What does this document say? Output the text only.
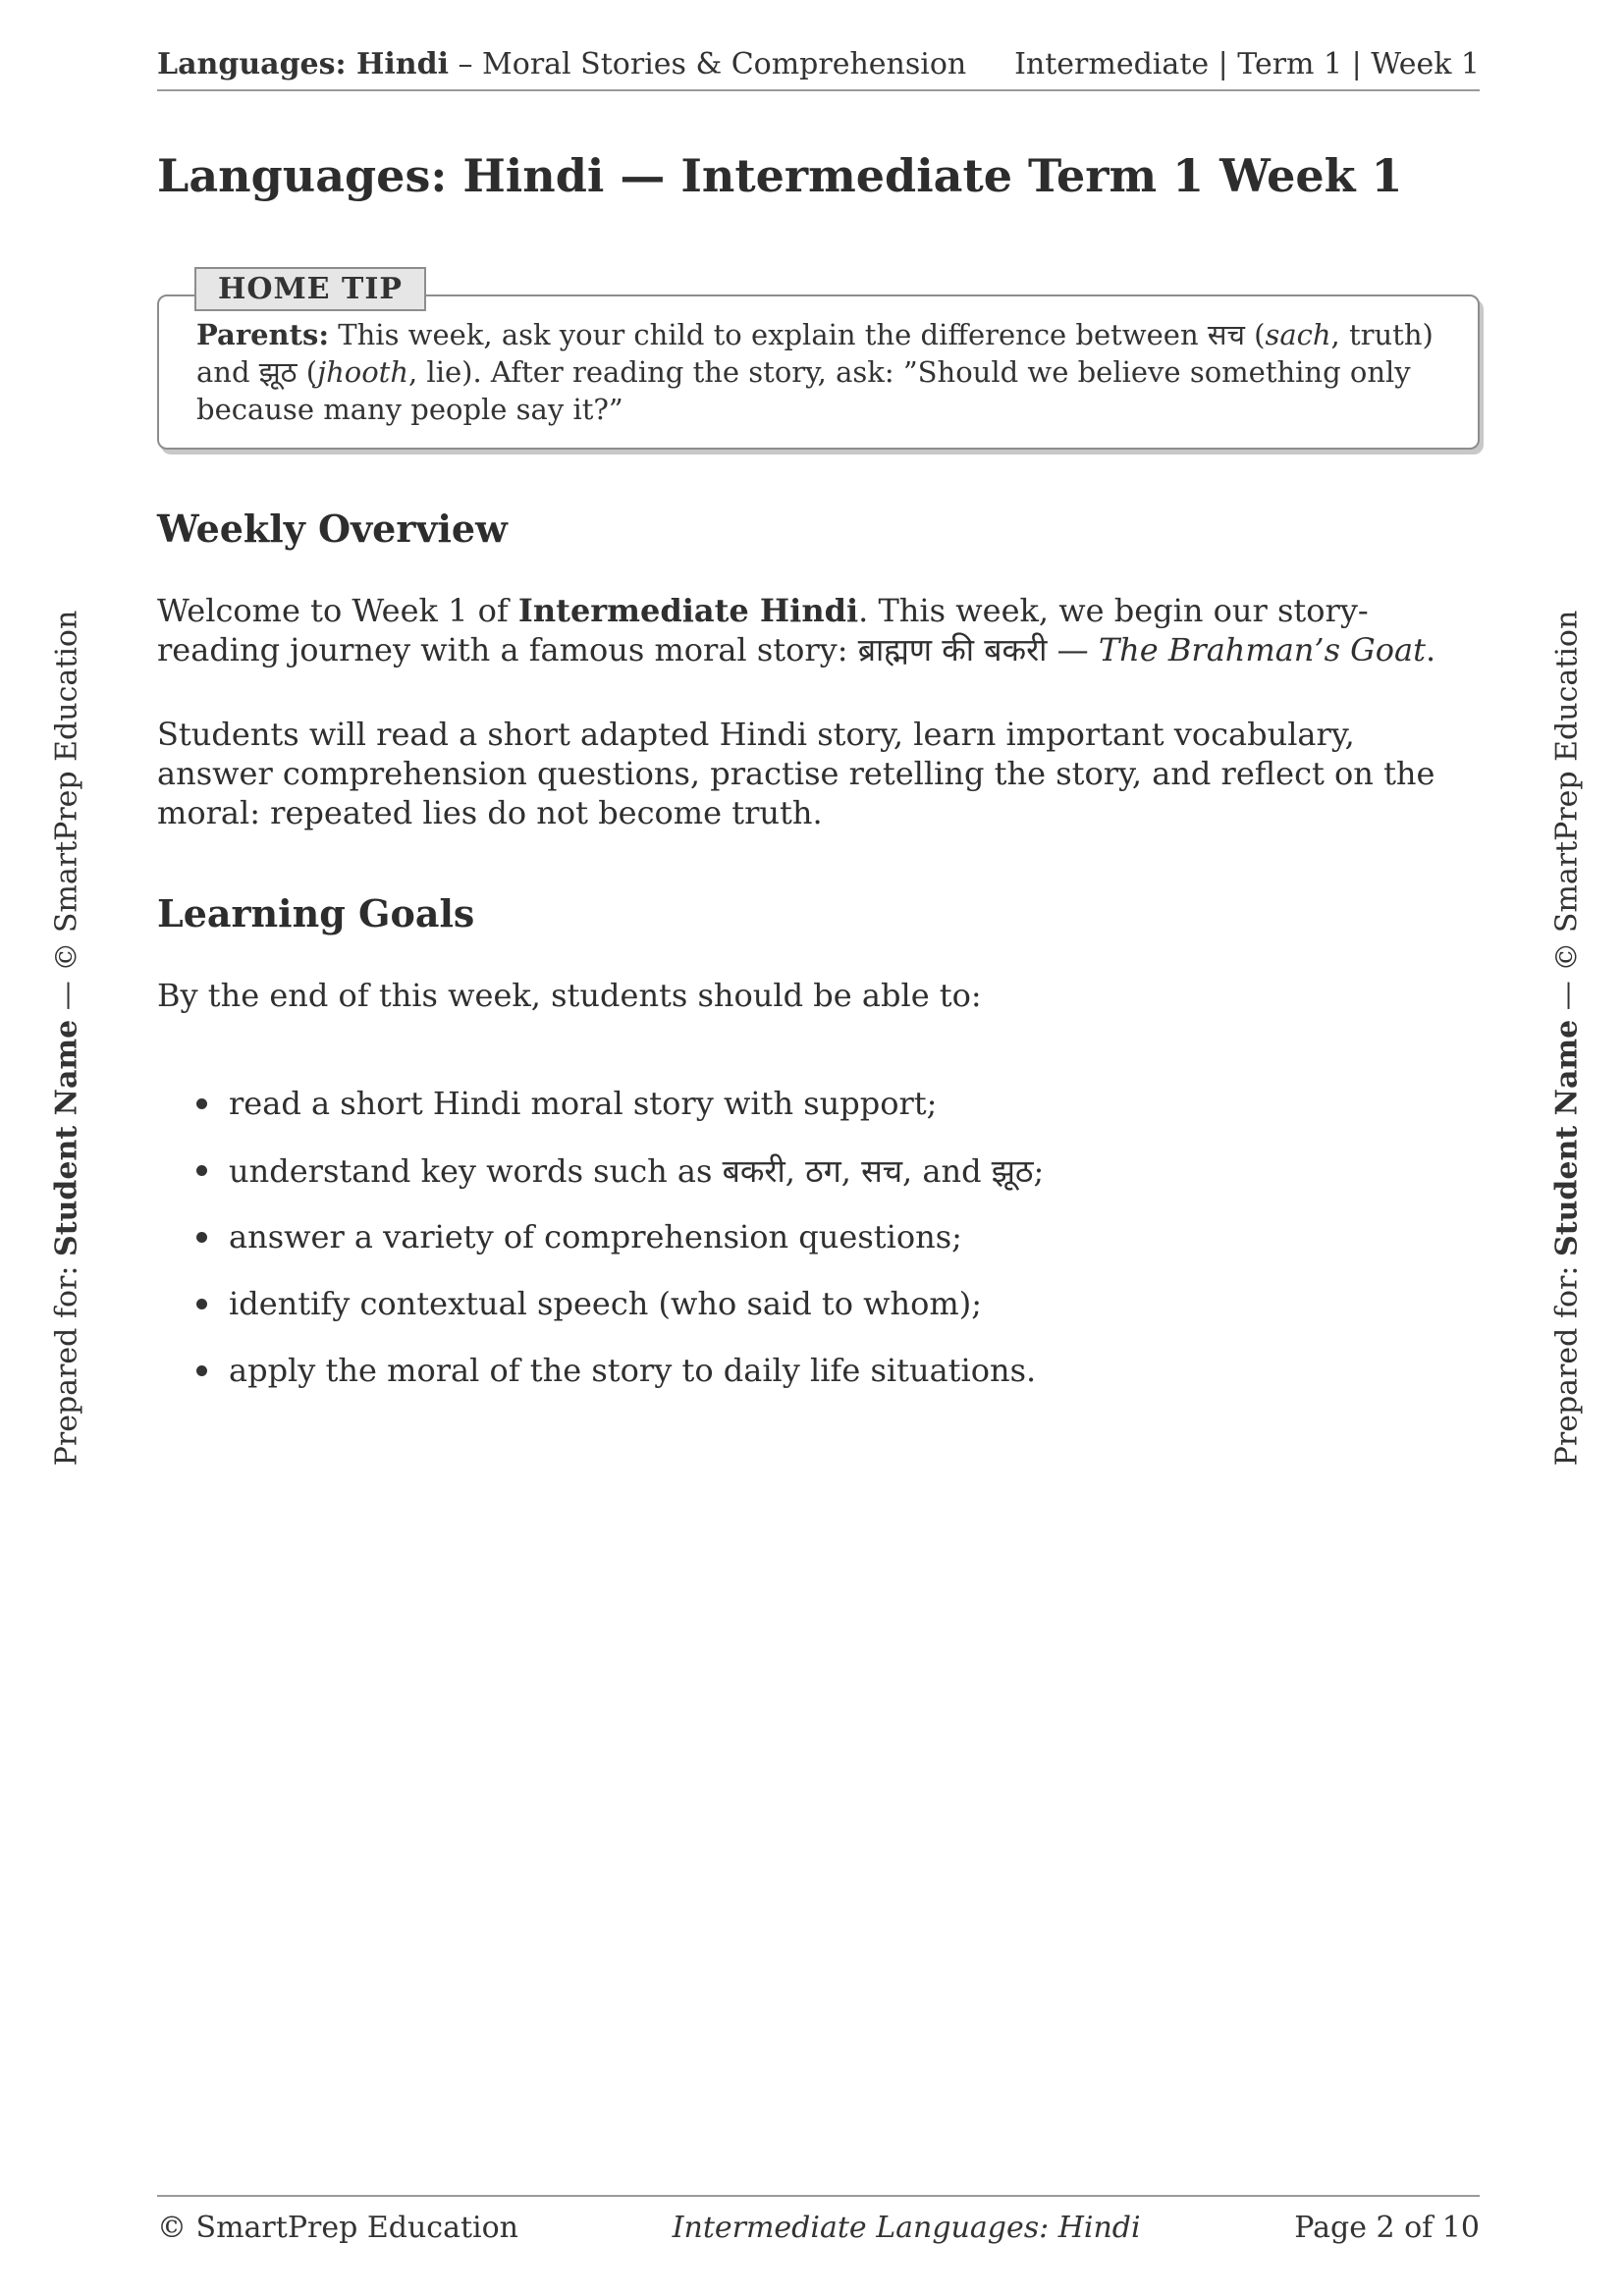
Languages: Hindi – Moral Stories & Comprehension Intermediate | Term 1 | Week 1
Languages: Hindi — Intermediate Term 1 Week 1
HOME TIP
Parents: This week, ask your child to explain the difference between सच (sach, truth) and झूठ (jhooth, lie). After reading the story, ask: ”Should we believe something only because many people say it?”
Weekly Overview

Welcome to Week 1 of Intermediate Hindi. This week, we begin our story-reading journey with a famous moral story: ब्राह्मण की बकरी — The Brahman’s Goat.

Students will read a short adapted Hindi story, learn important vocabulary, answer comprehension questions, practise retelling the story, and reflect on the moral: repeated lies do not become truth.

Learning Goals

By the end of this week, students should be able to:

read a short Hindi moral story with support;
understand key words such as बकरी, ठग, सच, and झूठ;
answer a variety of comprehension questions;
identify contextual speech (who said to whom);
apply the moral of the story to daily life situations.
Prepared for: Student Name — © SmartPrep Education
Prepared for: Student Name — © SmartPrep Education
© SmartPrep Education	Intermediate Languages: Hindi	Page 2 of 10
